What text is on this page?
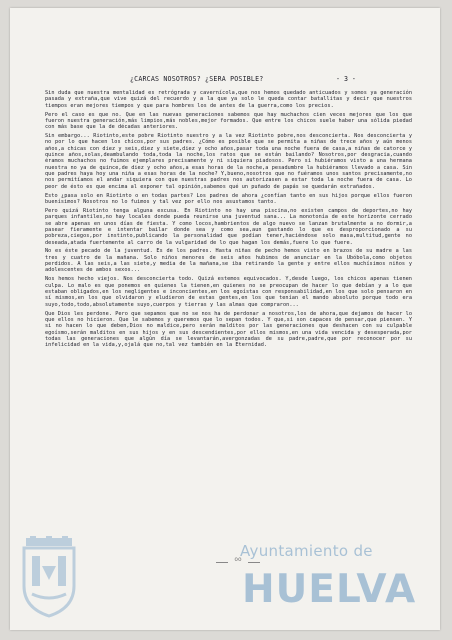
¿CARCAS NOSOTROS? ¿SERA POSIBLE?	- 3 -

Sin duda que nuestra mentalidad es retrógrada y cavernícola,que nos hemos quedado anticuados y somos ya generación pasada y extraña,que vive quizá del recuerdo y a la que ya solo le queda contar batallitas y decir que nuestros tiempos eran mejores tiempos y que para hombres los de antes de la guerra,como los precios.

Pero el caso es que no. Que en las nuevas generaciones sabemos que hay muchachos cien veces mejores que los que fueron nuestra generación,más limpios,más nobles,mejor formados. Que entre los chicos suele haber una sólida piedad con más base que la de décadas anteriores.

Sin embargo... Riotinto,este pobre Riotinto nuestro y a la vez Riotinto pobre,nos desconcierta. Nos desconcierta y no por lo que hacen los chicos,por sus padres. ¿Cómo es posible que se permita a niñas de trece años y aún menos años,a chicas con diez y seis,diez y siete,diez y ocho años,pasar toda una noche fuera de casa,a niñas de catorce y quince años,solas,deambulando toda,toda la noche,los ratos que se están bailando? Nosotros,por desgracia,cuando éramos muchachos no fuimos ejemplares precisamente y ni siquiera piadosos. Pero si hubiéramos visto a una hermana nuestra no ya de quince,de diez y ocho años,a esas horas de la noche,a pesadumbre la hubiéramos llevado a casa. Sin que padres haya hoy una niña a esas horas de la noche? Y,bueno,nosotros que no fuéramos unos santos precisamente,no nos permitíamos el andar siquiera con que nuestras padres nos autorizasen a estar toda la noche fuera de casa. Lo peor de ésto es que encima al exponer tal opinión,sabemos qué un puñado de papás se quedarán extrañados.

Esto ¿pasa solo en Riotinto o en todas partes? Los padres de ahora ¿confían tanto en sus hijos porque ellos fueron buenísimos? Nosotros no lo fuimos y tal vez por ello nos asustamos tanto.

Pero quizá Riotinto tenga alguna excusa. En Riotinto no hay una piscina,no existen campos de deportes,no hay parques infantiles,no hay locales donde pueda reunirse una juventud sana... La monotonía de este horizonte cerrado se abre apenas en unos días de fiesta. Y como locos,hambrientos de algo nuevo se lanzan brutalmente a no dormir,a pasear fieramente e intentar bailar donde sea y como sea,aun gastando lo que es desproporcionado a su pobreza,ciegos,por instinto,publicando la personalidad que podían tener,haciéndose solo masa,multitud,gente no deseada,atada fuertemente al carro de la vulgaridad de lo que hagan los demás,fuere lo que fuere.

No es éste pecado de la juventud. Es de los padres. Hasta niñas de pecho hemos visto en brazos de su madre a las tres y cuatro de la mañana. Solo niños menores de seis años hubimos de anunciar en la Ubóbola,como objetos perdidos. A las seis,a las siete,y media de la mañana,se iba retirando la gente y entre ellos muchísimos niños y adolescentes de ambos sexos...

Nos hemos hecho viejos. Nos desconcierta todo. Quizá estemos equivocados. Y,desde luego, los chicos apenas tienen culpa. Lo malo es que ponemos en quienes la tienen,en quienes no se preocupan de hacer lo que debían y a lo que estaban obligados,en los negligentes e inconcientes,en los egoístas con responsabilidad,en los que solo pensaron en sí mismos,en los que olvidaron y eludieron de estas gentes,en los que tenían el mando absoluto porque todo era suyo,todo,todo,absolutamente suyo,cuerpos y tierras y las almas que compraron...

Que Dios les perdone. Pero que sepamos que no se nos ha de perdonar a nosotros,los de ahora,que dejamos de hacer lo que ellos no hicieron. Que le sabemos y queremos que lo sepan todos. Y que,si son capaces de pensar,que piensen. Y si no hacen lo que deben,Dios no maldice,pero serán malditos por las generaciones que deshacen con su culpable egoísmo,serán malditos en sus hijos y en sus descendientes,por ellos mismos,en una vida vencida y desesperada,por todas las generaciones que algún día se levantarán,avergonzadas de su padre,padre,que por reconocer por su infelicidad en la vida,y,ojalá que no,tal vez también en la Eternidad.

oo
Ayuntamiento de
HUELVA
